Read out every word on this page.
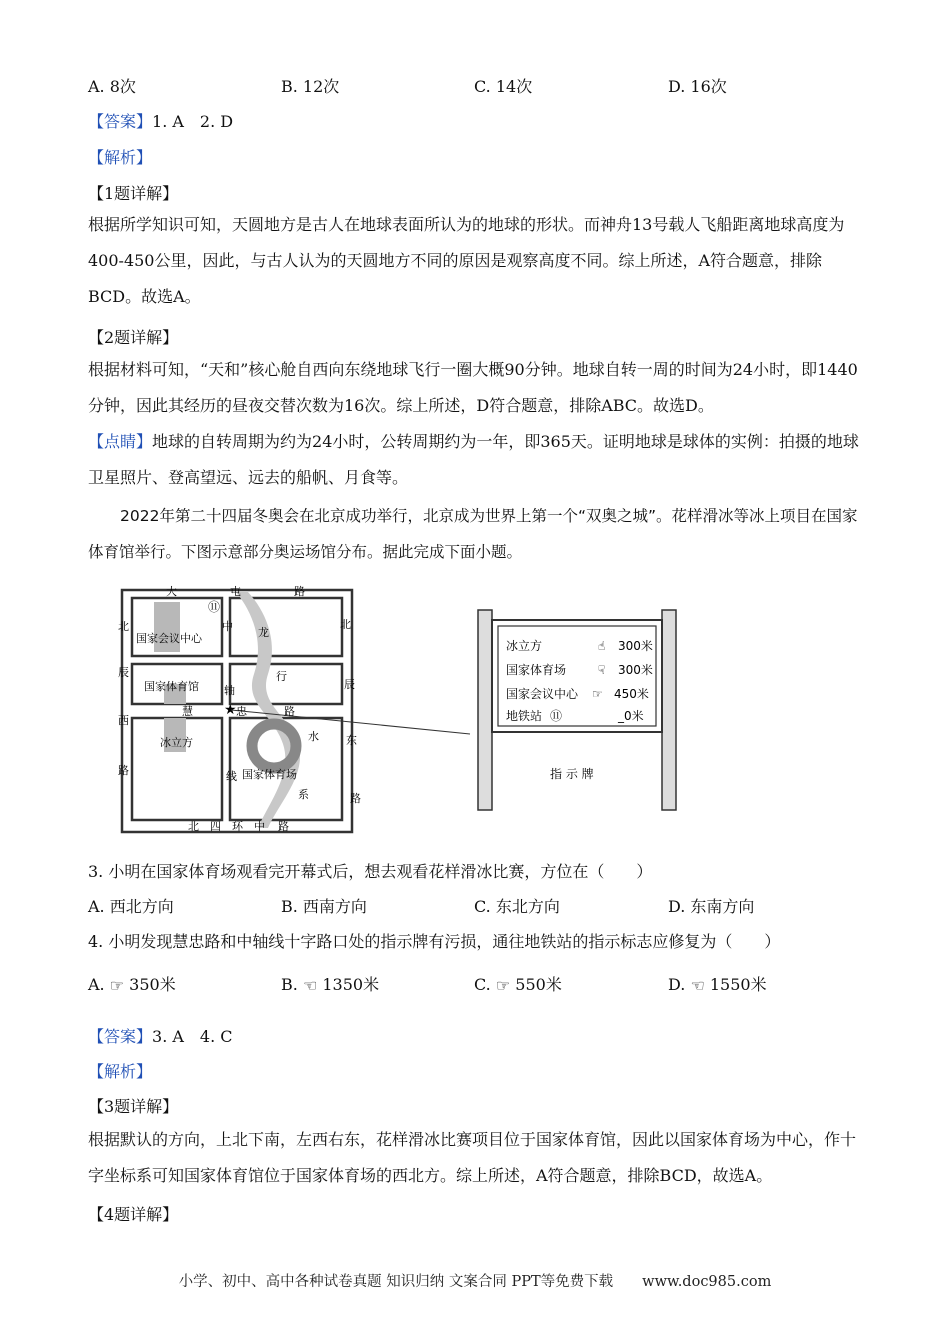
A. 8次	B. 12次	C. 14次	D. 16次
【答案】1. A　2. D
【解析】
【1题详解】
根据所学知识可知，天圆地方是古人在地球表面所认为的地球的形状。而神舟13号载人飞船距离地球高度为400-450公里，因此，与古人认为的天圆地方不同的原因是观察高度不同。综上所述，A符合题意，排除BCD。故选A。
【2题详解】
根据材料可知，“天和”核心舱自西向东绕地球飞行一圈大概90分钟。地球自转一周的时间为24小时，即1440分钟，因此其经历的昼夜交替次数为16次。综上所述，D符合题意，排除ABC。故选D。
【点睛】地球的自转周期为约为24小时，公转周期约为一年，即365天。证明地球是球体的实例：拍摄的地球卫星照片、登高望远、远去的船帆、月食等。
2022年第二十四届冬奥会在北京成功举行，北京成为世界上第一个“双奥之城”。花样滑冰等冰上项目在国家体育馆举行。下图示意部分奥运场馆分布。据此完成下面小题。
⑪
★
大	屯	路
北
辰
西
路
北
辰
东
路
北 四 环 中 路
慧	忠	路
中
轴
线
龙
行
水
系
国家会议中心
国家体育馆
冰立方
国家体育场
冰立方	☝ 300米
国家体育场	☟ 300米
国家会议中心 ☞ 450米
地铁站 ⑪	_0米
指 示 牌
3. 小明在国家体育场观看完开幕式后，想去观看花样滑冰比赛，方位在（　　）
A. 西北方向	B. 西南方向	C. 东北方向	D. 东南方向
4. 小明发现慧忠路和中轴线十字路口处的指示牌有污损，通往地铁站的指示标志应修复为（　　）
A. ☞ 350米	B. ☜ 1350米	C. ☞ 550米	D. ☜ 1550米
【答案】3. A　4. C
【解析】
【3题详解】
根据默认的方向，上北下南，左西右东，花样滑冰比赛项目位于国家体育馆，因此以国家体育场为中心，作十字坐标系可知国家体育馆位于国家体育场的西北方。综上所述，A符合题意，排除BCD，故选A。
【4题详解】
小学、初中、高中各种试卷真题 知识归纳 文案合同 PPT等免费下载　　www.doc985.com
